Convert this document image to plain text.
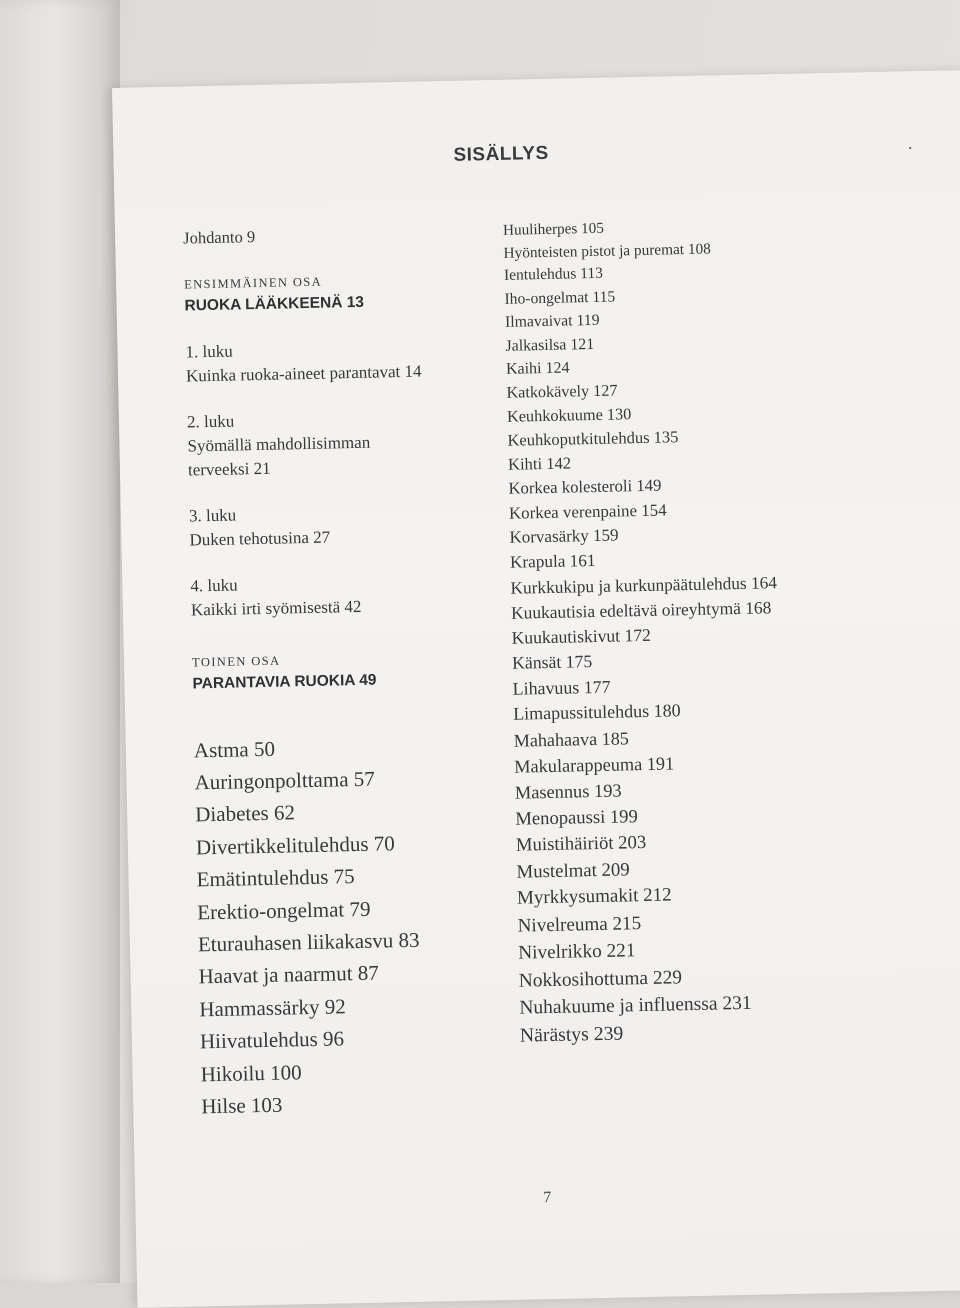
SISÄLLYS	•
Johdanto 9
ENSIMMÄINEN OSA
RUOKA LÄÄKKEENÄ 13
1. luku
Kuinka ruoka-aineet parantavat 14
2. luku
Syömällä mahdollisimman
terveeksi 21
3. luku
Duken tehotusina 27
4. luku
Kaikki irti syömisestä 42
TOINEN OSA
PARANTAVIA RUOKIA 49
Astma 50
Auringonpolttama 57
Diabetes 62
Divertikkelitulehdus 70
Emätintulehdus 75
Erektio-ongelmat 79
Eturauhasen liikakasvu 83
Haavat ja naarmut 87
Hammassärky 92
Hiivatulehdus 96
Hikoilu 100
Hilse 103
Huuliherpes 105
Hyönteisten pistot ja puremat 108
Ientulehdus 113
Iho-ongelmat 115
Ilmavaivat 119
Jalkasilsa 121
Kaihi 124
Katkokävely 127
Keuhkokuume 130
Keuhkoputkitulehdus 135
Kihti 142
Korkea kolesteroli 149
Korkea verenpaine 154
Korvasärky 159
Krapula 161
Kurkkukipu ja kurkunpäätulehdus 164
Kuukautisia edeltävä oireyhtymä 168
Kuukautiskivut 172
Känsät 175
Lihavuus 177
Limapussitulehdus 180
Mahahaava 185
Makularappeuma 191
Masennus 193
Menopaussi 199
Muistihäiriöt 203
Mustelmat 209
Myrkkysumakit 212
Nivelreuma 215
Nivelrikko 221
Nokkosihottuma 229
Nuhakuume ja influenssa 231
Närästys 239
7
